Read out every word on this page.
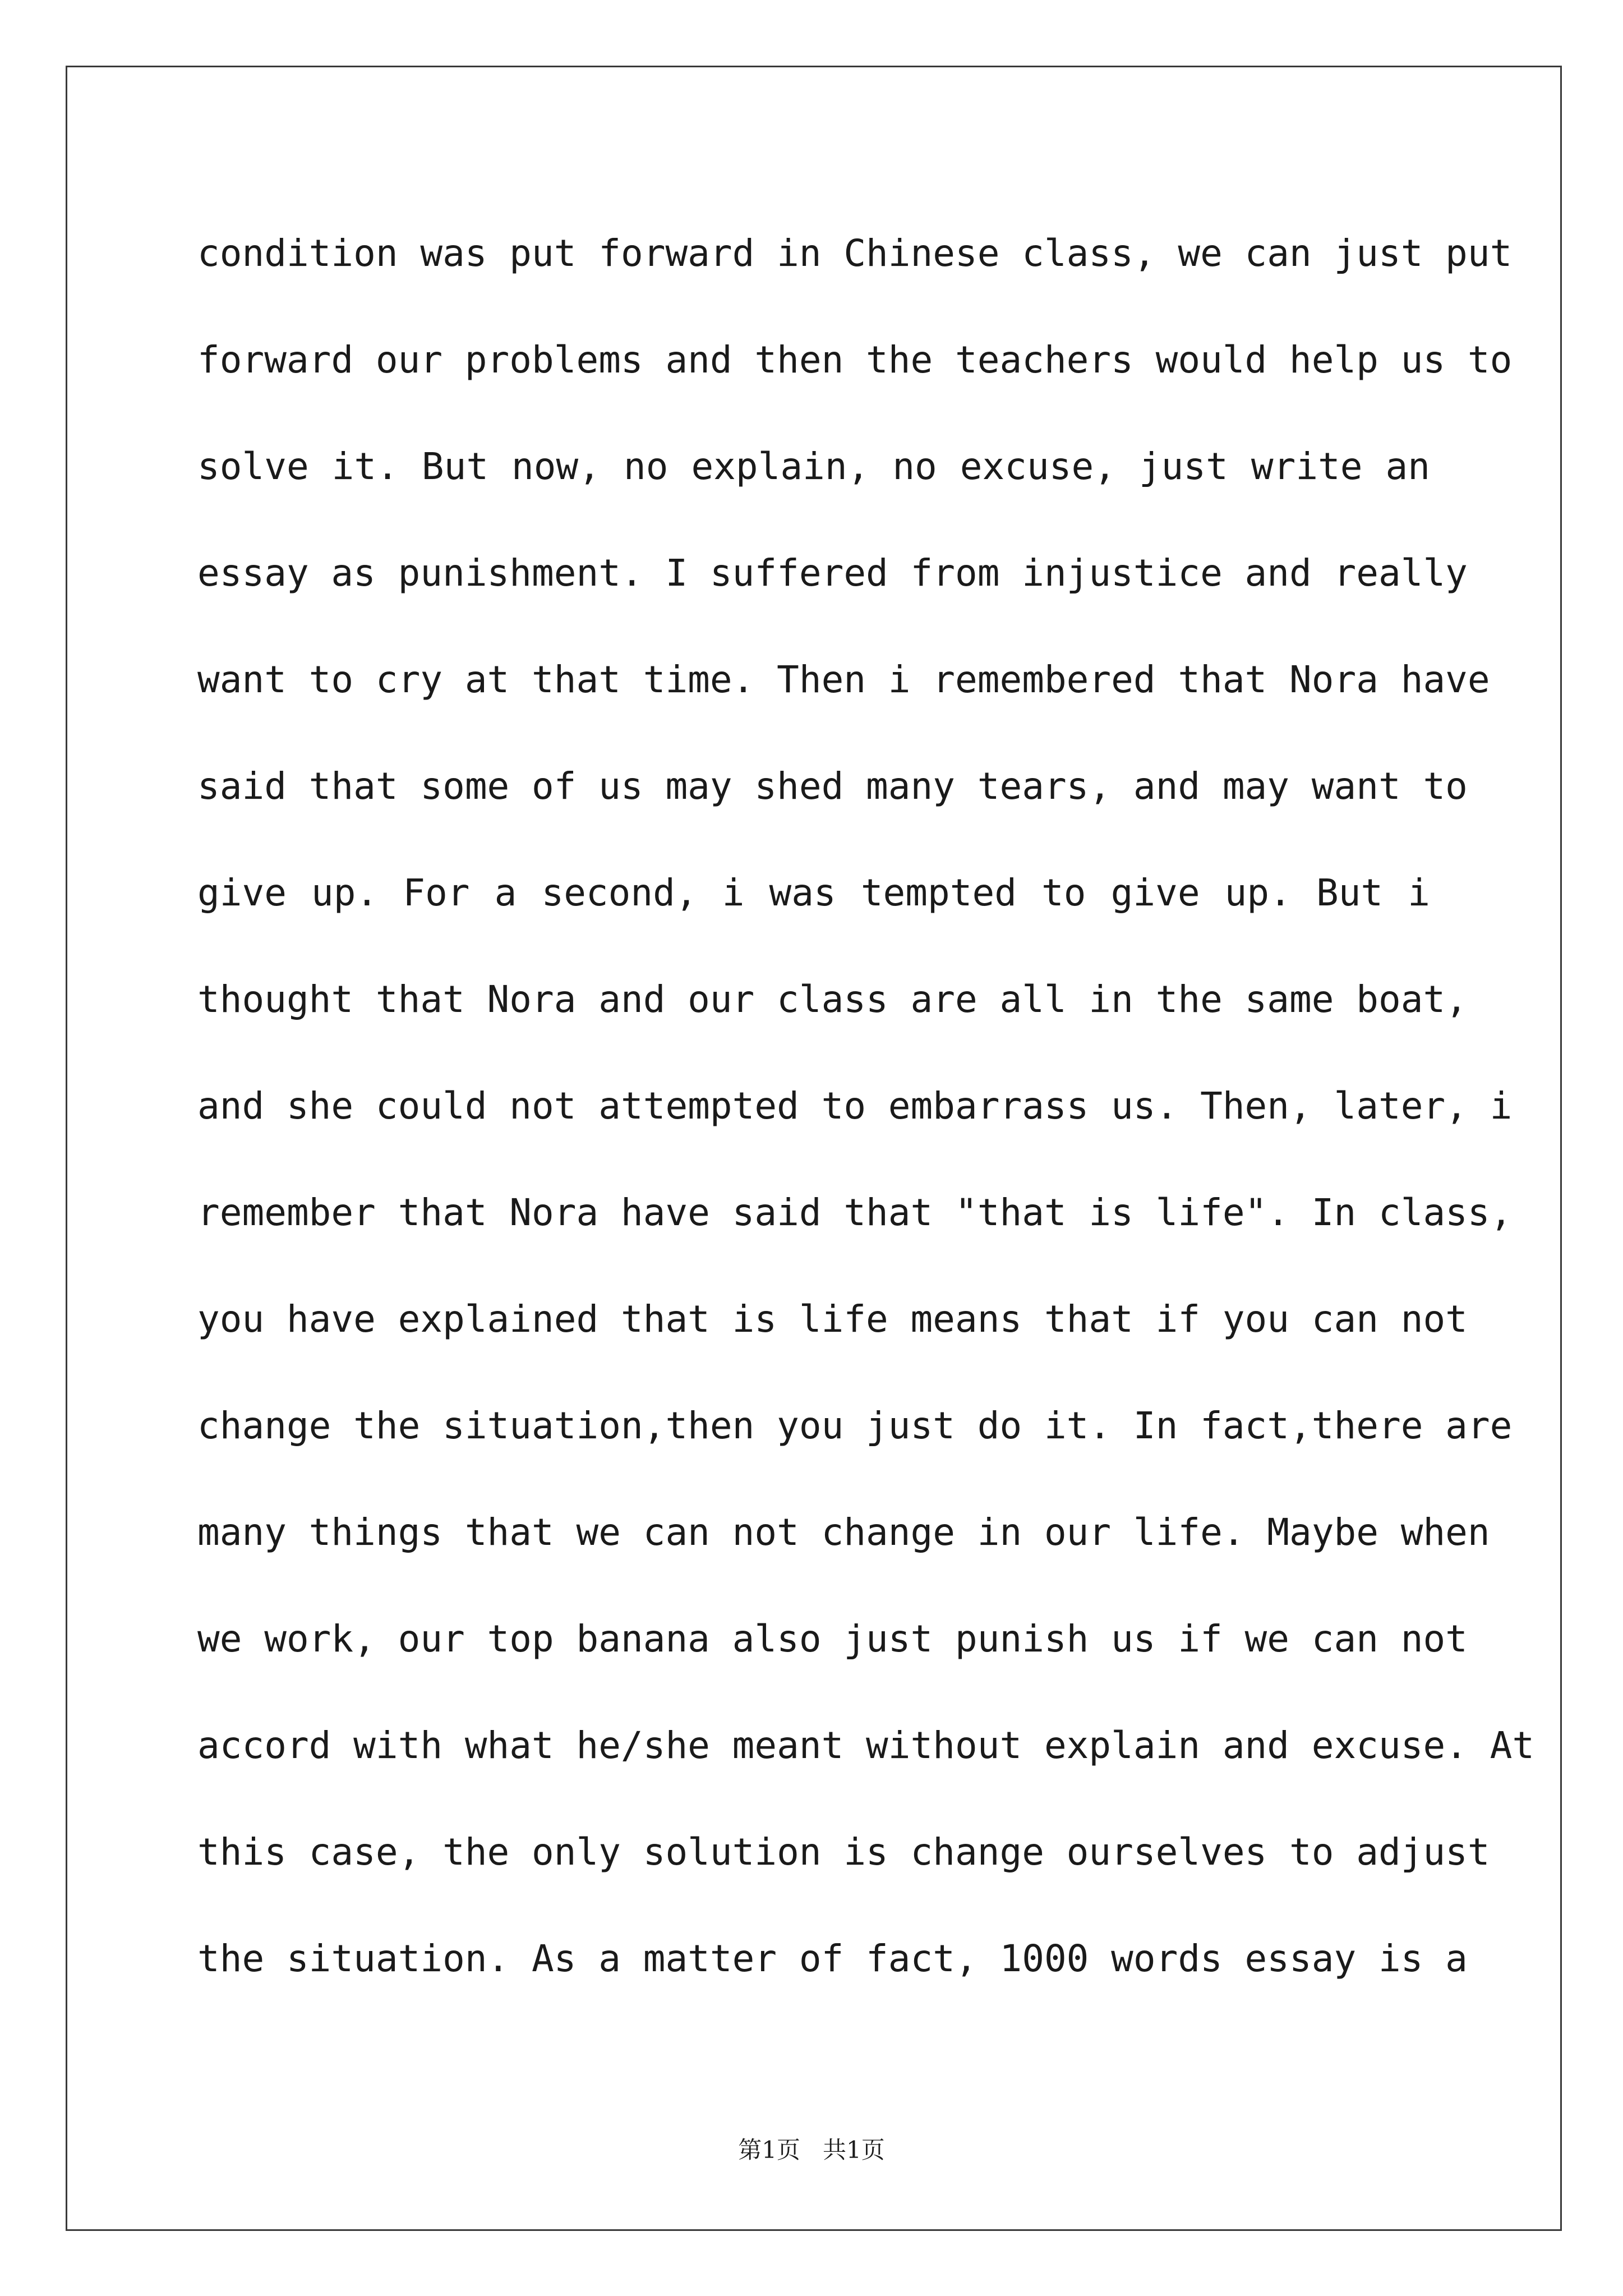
condition was put forward in Chinese class, we can just put
forward our problems and then the teachers would help us to
solve it. But now, no explain, no excuse, just write an
essay as punishment. I suffered from injustice and really
want to cry at that time. Then i remembered that Nora have
said that some of us may shed many tears, and may want to
give up. For a second, i was tempted to give up. But i
thought that Nora and our class are all in the same boat,
and she could not attempted to embarrass us. Then, later, i
remember that Nora have said that "that is life". In class,
you have explained that is life means that if you can not
change the situation,then you just do it. In fact,there are
many things that we can not change in our life. Maybe when
we work, our top banana also just punish us if we can not
accord with what he/she meant without explain and excuse. At
this case, the only solution is change ourselves to adjust
the situation. As a matter of fact, 1000 words essay is a
第1页   共1页
